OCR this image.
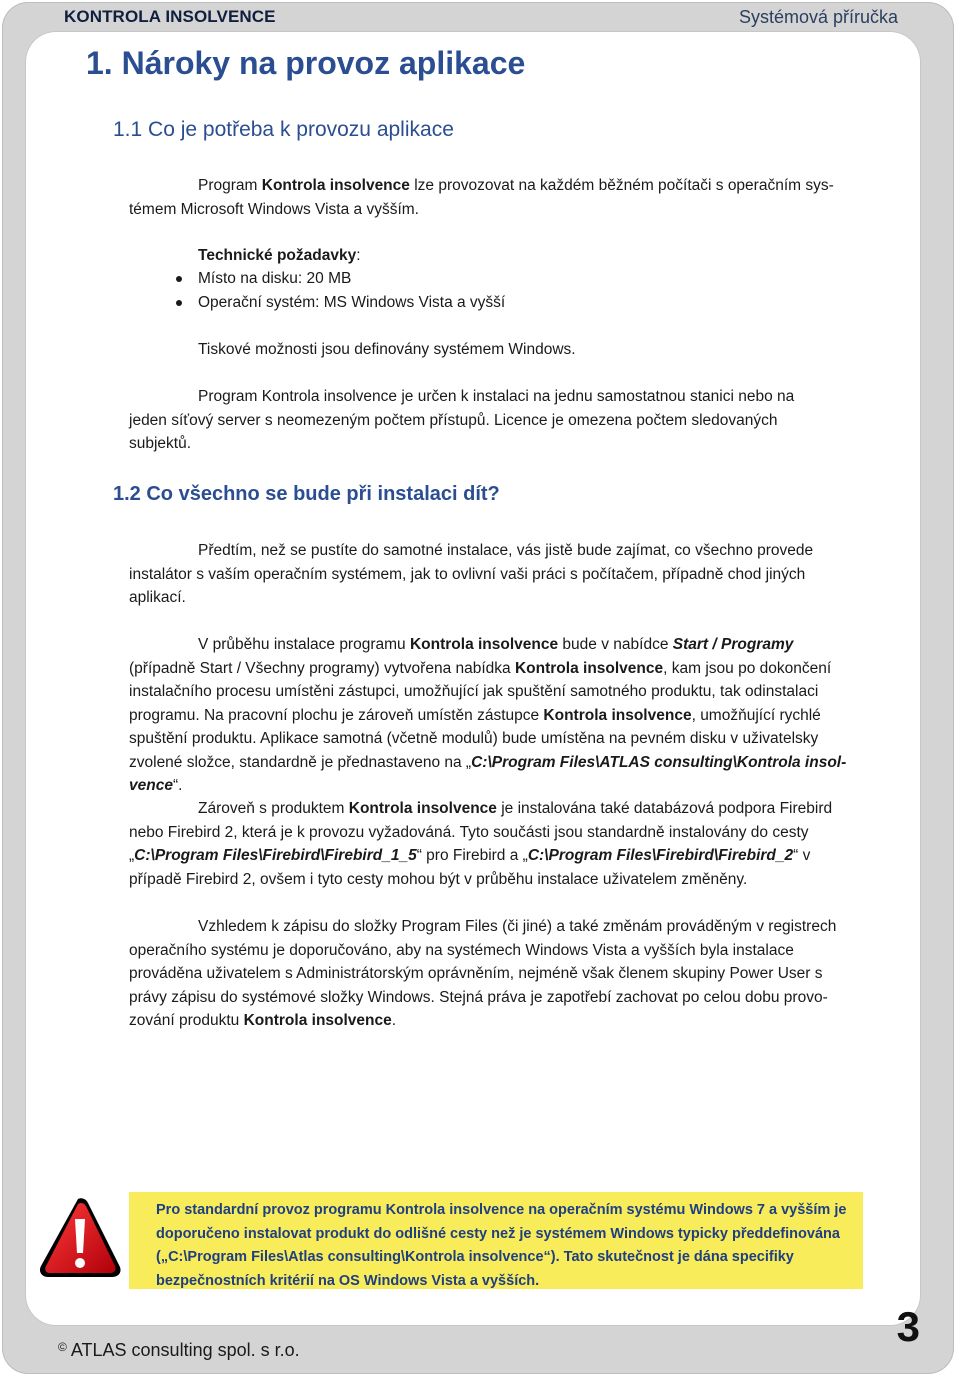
KONTROLA INSOLVENCE	Systémová příručka
1. Nároky na provoz aplikace
1.1 Co je potřeba k provozu aplikace
Program Kontrola insolvence lze provozovat na každém běžném počítači s operačním sys-
témem Microsoft Windows Vista a vyšším.
Technické požadavky:
Místo na disku: 20 MB
Operační systém: MS Windows Vista a vyšší
Tiskové možnosti jsou definovány systémem Windows.
Program Kontrola insolvence je určen k instalaci na jednu samostatnou stanici nebo na
jeden síťový server s neomezeným počtem přístupů. Licence je omezena počtem sledovaných
subjektů.
1.2 Co všechno se bude při instalaci dít?
Předtím, než se pustíte do samotné instalace, vás jistě bude zajímat, co všechno provede
instalátor s vaším operačním systémem, jak to ovlivní vaši práci s počítačem, případně chod jiných
aplikací.
V průběhu instalace programu Kontrola insolvence bude v nabídce Start / Programy
(případně Start / Všechny programy) vytvořena nabídka Kontrola insolvence, kam jsou po dokončení
instalačního procesu umístěni zástupci, umožňující jak spuštění samotného produktu, tak odinstalaci
programu. Na pracovní plochu je zároveň umístěn zástupce Kontrola insolvence, umožňující rychlé
spuštění produktu. Aplikace samotná (včetně modulů) bude umístěna na pevném disku v uživatelsky
zvolené složce, standardně je přednastaveno na „C:\Program Files\ATLAS consulting\Kontrola insol-
vence“.
Zároveň s produktem Kontrola insolvence je instalována také databázová podpora Firebird
nebo Firebird 2, která je k provozu vyžadováná. Tyto součásti jsou standardně instalovány do cesty
„C:\Program Files\Firebird\Firebird_1_5“ pro Firebird a „C:\Program Files\Firebird\Firebird_2“ v
případě Firebird 2, ovšem i tyto cesty mohou být v průběhu instalace uživatelem změněny.
Vzhledem k zápisu do složky Program Files (či jiné) a také změnám prováděným v registrech
operačního systému je doporučováno, aby na systémech Windows Vista a vyšších byla instalace
prováděna uživatelem s Administrátorským oprávněním, nejméně však členem skupiny Power User s
právy zápisu do systémové složky Windows. Stejná práva je zapotřebí zachovat po celou dobu provo-
zování produktu Kontrola insolvence.
Pro standardní provoz programu Kontrola insolvence na operačním systému Windows 7 a vyšším je
doporučeno instalovat produkt do odlišné cesty než je systémem Windows typicky předdefinována
(„C:\Program Files\Atlas consulting\Kontrola insolvence“). Tato skutečnost je dána specifiky
bezpečnostních kritérií na OS Windows Vista a vyšších.
© ATLAS consulting spol. s r.o.	3
